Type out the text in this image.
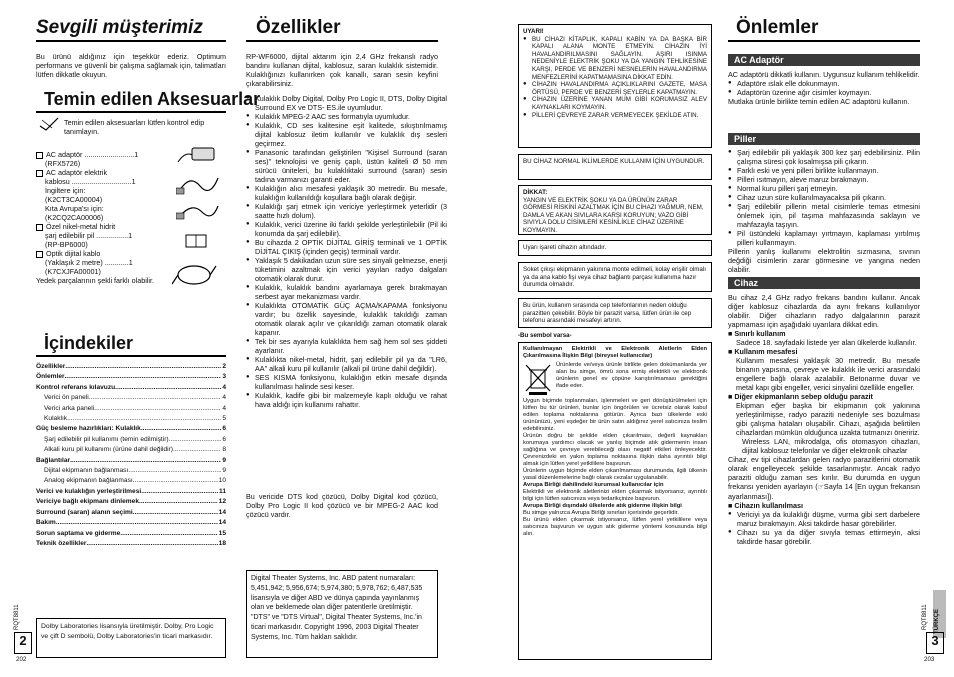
Sevgili müşterimiz
Bu ürünü aldığınız için teşekkür ederiz. Optimum performans ve güvenli bir çalışma sağlamak için, talimatları lütfen dikkatle okuyun.
Temin edilen Aksesuarlar
Temin edilen aksesuarları lütfen kontrol edip tanımlayın.
AC adaptör .........................1
(RFX5726)
AC adaptör elektrik
kablosu ..............................1
İngiltere için:
(K2CT3CA00004)
Kıta Avrupa'sı için:
(K2CQ2CA00006)
Özel nikel-metal hidrit
şarj edilebilir pil ................1
(RP-BP6000)
Optik dijital kablo
(Yaklaşık 2 metre) ............1
(K7CXJFA00001)
Yedek parçalarının şekli farklı olabilir.
İçindekiler
Özellikler .....	2
Önlemler .....	3
Kontrol referans kılavuzu .....	4
Verici ön paneli .....	4
Verici arka paneli .....	4
Kulaklık .....	5
Güç besleme hazırlıkları: Kulaklık .....	6
Şarj edilebilir pil kullanımı (temin edilmiştir) .....	6
Alkali kuru pil kullanımı (ürüne dahil değildir) .....	8
Bağlantılar .....	9
Dijital ekipmanın bağlanması .....	9
Analog ekipmanın bağlanması .....	10
Verici ve kulaklığın yerleştirilmesi .....	11
Vericiye bağlı ekipmanı dinlemek .....	12
Surround (saran) alanın seçimi .....	14
Bakım .....	14
Sorun saptama ve giderme .....	15
Teknik özellikler .....	18
Dolby Laboratories lisansıyla üretilmiştir. Dolby, Pro Logic ve çift D sembolü, Dolby Laboratories'in ticari markasıdır.
RQT8811
2
202
Özellikler
RP-WF6000, dijital aktarım için 2,4 GHz frekanslı radyo bandını kullanan dijital, kablosuz, saran kulaklık sistemidir. Kulaklığınızı kullanırken çok kanallı, saran sesin keyfini çıkarabilirsiniz.
● Kulaklık Dolby Digital, Dolby Pro Logic II, DTS, Dolby Digital Surround EX ve DTS- ES.ile uyumludur.
● Kulaklık MPEG-2 AAC ses formatıyla uyumludur.
● Kulaklık, CD ses kalitesine eşit kalitede, sıkıştırılmamış dijital kablosuz iletim kullanılır ve kulaklık dış sesleri geçirmez.
● Panasonic tarafından geliştirilen "Kişisel Surround (saran ses)" teknolojisi ve geniş çaplı, üstün kaliteli Ø 50 mm sürücü üniteleri, bu kulaklıktaki surround (saran) sesin tadına varmanızı garanti eder.
● Kulaklığın alıcı mesafesi yaklaşık 30 metredir. Bu mesafe, kulaklığın kullanıldığı koşullara bağlı olarak değişir.
● Kulaklığı şarj etmek için vericiye yerleştirmek yeterlidir (3 saatte hızlı dolum).
● Kulaklık, verici üzerine iki farklı şekilde yerleştirilebilir (Pil iki konumda da şarj edilebilir).
● Bu cihazda 2 OPTİK DİJİTAL GİRİŞ terminali ve 1 OPTİK DİJİTAL ÇIKIŞ (içinden geçiş) terminali vardır.
● Yaklaşık 5 dakikadan uzun süre ses sinyali gelmezse, enerji tüketimini azaltmak için verici yayılan radyo dalgaları otomatik olarak durur.
● Kulaklık, kulaklık bandını ayarlamaya gerek bırakmayan serbest ayar mekanizması vardır.
● Kulaklıkta OTOMATİK GÜÇ AÇMA/KAPAMA fonksiyonu vardır; bu özellik sayesinde, kulaklık takıldığı zaman otomatik olarak açılır ve çıkarıldığı zaman otomatik olarak kapanır.
● Tek bir ses ayarıyla kulaklıkta hem sağ hem sol ses şiddeti ayarlanır.
● Kulaklıkta nikel-metal, hidrit, şarj edilebilir pil ya da "LR6, AA" alkali kuru pil kullanılır (alkali pil ürüne dahil değildir).
● SES KISMA fonksiyonu, kulaklığın etkin mesafe dışında kullanılması halinde sesi keser.
● Kulaklık, kadife gibi bir malzemeyle kaplı olduğu ve rahat hava aldığı için kullanımı rahattır.
Bu vericide DTS kod çözücü, Dolby Digital kod çözücü, Dolby Pro Logic II kod çözücü ve bir MPEG-2 AAC kod çözücü vardır.
Digital Theater Systems, Inc. ABD patent numaraları: 5,451,942; 5,956,674; 5,974,380; 5,978,762; 6,487,535 lisansıyla ve diğer ABD ve dünya çapında yayınlanmış olan ve beklemede olan diğer patentlerle üretilmiştir. "DTS" ve "DTS Virtual", Digital Theater Systems, Inc.'in ticari markasıdır. Copyright 1996, 2003 Digital Theater Systems, Inc. Tüm hakları saklıdır.
UYARI!
● BU CİHAZI KİTAPLIK, KAPALI KABİN YA DA BAŞKA BİR KAPALI ALANA MONTE ETMEYİN. CİHAZIN İYİ HAVALANDIRILMASINI SAĞLAYIN. AŞIRI ISINMA NEDENİYLE ELEKTRİK ŞOKU YA DA YANGIN TEHLİKESİNE KARŞI, PERDE VE BENZERİ NESNELERİN HAVALANDIRMA MENFEZLERİNİ KAPATMAMASINA DİKKAT EDİN.
● CİHAZIN HAVALANDIRMA AÇIKLIKLARINI GAZETE, MASA ÖRTÜSÜ, PERDE VE BENZERİ ŞEYLERLE KAPATMAYIN.
● CİHAZIN ÜZERİNE YANAN MUM GİBİ KORUMASIZ ALEV KAYNAKLARI KOYMAYIN.
● PİLLERİ ÇEVREYE ZARAR VERMEYECEK ŞEKİLDE ATIN.
BU CİHAZ NORMAL İKLİMLERDE KULLANIM İÇİN UYGUNDUR.
DİKKAT:
YANGIN VE ELEKTRİK ŞOKU YA DA ÜRÜNÜN ZARAR GÖRMESİ RİSKİNİ AZALTMAK İÇİN BU CİHAZI YAĞMUR, NEM, DAMLA VE AKAN SIVILARA KARŞI KORUYUN; VAZO GİBİ SIVIYLA DOLU CİSİMLERİ KESİNLİKLE CİHAZ ÜZERİNE KOYMAYIN.
Uyarı işareti cihazın altındadır.
Soket çıkışı ekipmanın yakınına monte edilmeli, kolay erişilir olmalı ya da ana kablo fişi veya cihaz bağlantı parçası kullanıma hazır durumda olmalıdır.
Bu ürün, kullanım sırasında cep telefonlarının neden olduğu parazitten çekebilir. Böyle bir parazit varsa, lütfen ürün ile cep telefonu arasındaki mesafeyi artırın.
-Bu sembol varsa-
Kullanılmayan Elektrikli ve Elektronik Aletlerin Elden Çıkarılmasına İlişkin Bilgi (bireysel kullanıcılar)
Ürünlerde ve/veya ürünle birlikte gelen dokümanlarda yer alan bu simge, ömrü sona ermiş elektrikli ve elektronik ürünlerin genel ev çöpüne karıştırılmaması gerektiğini ifade eder.
Uygun biçimde toplanmaları, işlenmeleri ve geri dönüştürülmeleri için lütfen bu tür ürünleri, bunlar için öngörülen ve ücretsiz olarak kabul edilen toplama noktalarına götürün. Ayrıca bazı ülkelerde eski ürününüzü, yeni eşdeğer bir ürün satın aldığınız yerel satıcınıza teslim edebilirsiniz.
Ürünün doğru bir şekilde elden çıkarılması, değerli kaynakları korumaya yardımcı olacak ve yanlış biçimde atık gidermenin insan sağlığına ve çevreye verebileceği olası negatif etkileri önleyecektir. Çevrenizdeki en yakın toplama noktasına ilişkin daha ayrıntılı bilgi almak için lütfen yerel yetkililere başvurun.
Ürünlerin uygun biçimde elden çıkarılmaması durumunda, ilgili ülkenin yasal düzenlemelerine bağlı olarak cezalar uygulanabilir.
Avrupa Birliği dahilindeki kurumsal kullanıcılar için
Elektrikli ve elektronik aletlerinizi elden çıkarmak istiyorsanız, ayrıntılı bilgi için lütfen satıcınıza veya tedarikçinize başvurun.
Avrupa Birliği dışındaki ülkelerde atık giderme ilişkin bilgi
Bu simge yalnızca Avrupa Birliği sınırları içerisinde geçerlidir.
Bu ürünü elden çıkarmak istiyorsanız, lütfen yerel yetkililere veya satıcınıza başvurun ve uygun atık giderme yöntemi konusunda bilgi alın.
Önlemler
AC Adaptör
AC adaptörü dikkatli kullanın. Uygunsuz kullanım tehlikelidir.
● Adaptöre ıslak elle dokunmayın.
● Adaptörün üzerine ağır cisimler koymayın.
Mutlaka ürünle birlikte temin edilen AC adaptörü kullanın.
Piller
● Şarj edilebilir pili yaklaşık 300 kez şarj edebilirsiniz. Pilin çalışma süresi çok kısalmışsa pili çıkarın.
● Farklı eski ve yeni pilleri birlikte kullanmayın.
● Pilleri ısıtmayın, aleve maruz bırakmayın.
● Normal kuru pilleri şarj etmeyin.
● Cihaz uzun süre kullanılmayacaksa pili çıkarın.
● Şarj edilebilir pillerin metal cisimlerle temas etmesini önlemek için, pil taşıma mahfazasında saklayın ve mahfazayla taşıyın.
● Pil üstündeki kaplamayı yırtmayın, kaplaması yırtılmış pilleri kullanmayın.
Pillerin yanlış kullanımı elektrolitin sızmasına, sıvının değdiği cisimlerin zarar görmesine ve yangına neden olabilir.
Cihaz
Bu cihaz 2,4 GHz radyo frekans bandını kullanır. Ancak diğer kablosuz cihazlarda da aynı frekans kullanılıyor olabilir. Diğer cihazların radyo dalgalarının parazit yapmaması için aşağıdaki uyarılara dikkat edin.
■ Sınırlı kullanım
Sadece 18. sayfadaki listede yer alan ülkelerde kullanılır.
■ Kullanım mesafesi
Kullanım mesafesi yaklaşık 30 metredir. Bu mesafe binanın yapısına, çevreye ve kulaklık ile verici arasındaki engellere bağlı olarak azalabilir. Betonarme duvar ve metal kapı gibi engeller, verici sinyalini özellikle engeller.
■ Diğer ekipmanların sebep olduğu parazit
Ekipman eğer başka bir ekipmanın çok yakınına yerleştirilmişse, radyo paraziti nedeniyle ses bozulması gibi çalışma hataları oluşabilir. Cihazı, aşağıda belirtilen cihazlardan mümkün olduğunca uzakta tutmanızı öneririz.
Wireless LAN, mikrodalga, ofis otomasyon cihazları, dijital kablosuz telefonlar ve diğer elektronik cihazlar
Cihaz, ev tipi cihazlardan gelen radyo parazitlerini otomatik olarak engelleyecek şekilde tasarlanmıştır. Ancak radyo paraziti olduğu zaman ses kırılır. Bu durumda en uygun frekansı yeniden ayarlayın (☞Sayfa 14 [En uygun frekansın ayarlanması]).
■ Cihazın kullanılması
● Vericiyi ya da kulaklığı düşme, vurma gibi sert darbelere maruz bırakmayın. Aksi takdirde hasar görebilirler.
● Cihazı su ya da diğer sıvıyla temas ettirmeyin, aksi takdirde hasar görebilir.
TÜRKÇE
RQT8811
3
203
